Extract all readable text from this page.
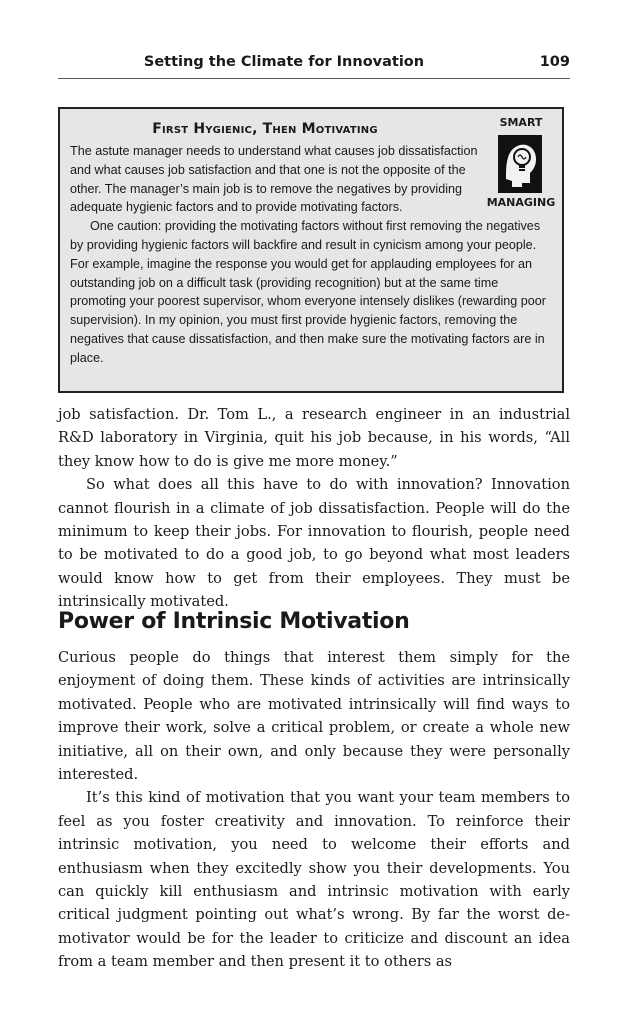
Setting the Climate for Innovation	109
First Hygienic, Then Motivating	SMART
MANAGING

The astute manager needs to understand what causes job dissatisfaction and what causes job satisfaction and that one is not the opposite of the other. The manager’s main job is to remove the negatives by providing adequate hygienic factors and to provide motivating factors.

One caution: providing the motivating factors without first removing the negatives by providing hygienic factors will backfire and result in cynicism among your people. For example, imagine the response you would get for applauding employees for an outstanding job on a difficult task (providing recognition) but at the same time promoting your poorest supervisor, whom everyone intensely dislikes (rewarding poor supervision). In my opinion, you must first provide hygienic factors, removing the negatives that cause dissatisfaction, and then make sure the motivating factors are in place.

job satisfaction. Dr. Tom L., a research engineer in an industrial R&D laboratory in Virginia, quit his job because, in his words, “All they know how to do is give me more money.”

So what does all this have to do with innovation? Innovation cannot flourish in a climate of job dissatisfaction. People will do the minimum to keep their jobs. For innovation to flourish, people need to be motivated to do a good job, to go beyond what most leaders would know how to get from their employees. They must be intrinsically motivated.

Power of Intrinsic Motivation

Curious people do things that interest them simply for the enjoyment of doing them. These kinds of activities are intrinsically motivated. People who are motivated intrinsically will find ways to improve their work, solve a critical problem, or create a whole new initiative, all on their own, and only because they were personally interested.

It’s this kind of motivation that you want your team members to feel as you foster creativity and innovation. To reinforce their intrinsic motivation, you need to welcome their efforts and enthusiasm when they excitedly show you their developments. You can quickly kill enthusiasm and intrinsic motivation with early critical judgment pointing out what’s wrong. By far the worst de-motivator would be for the leader to criticize and discount an idea from a team member and then present it to others as
